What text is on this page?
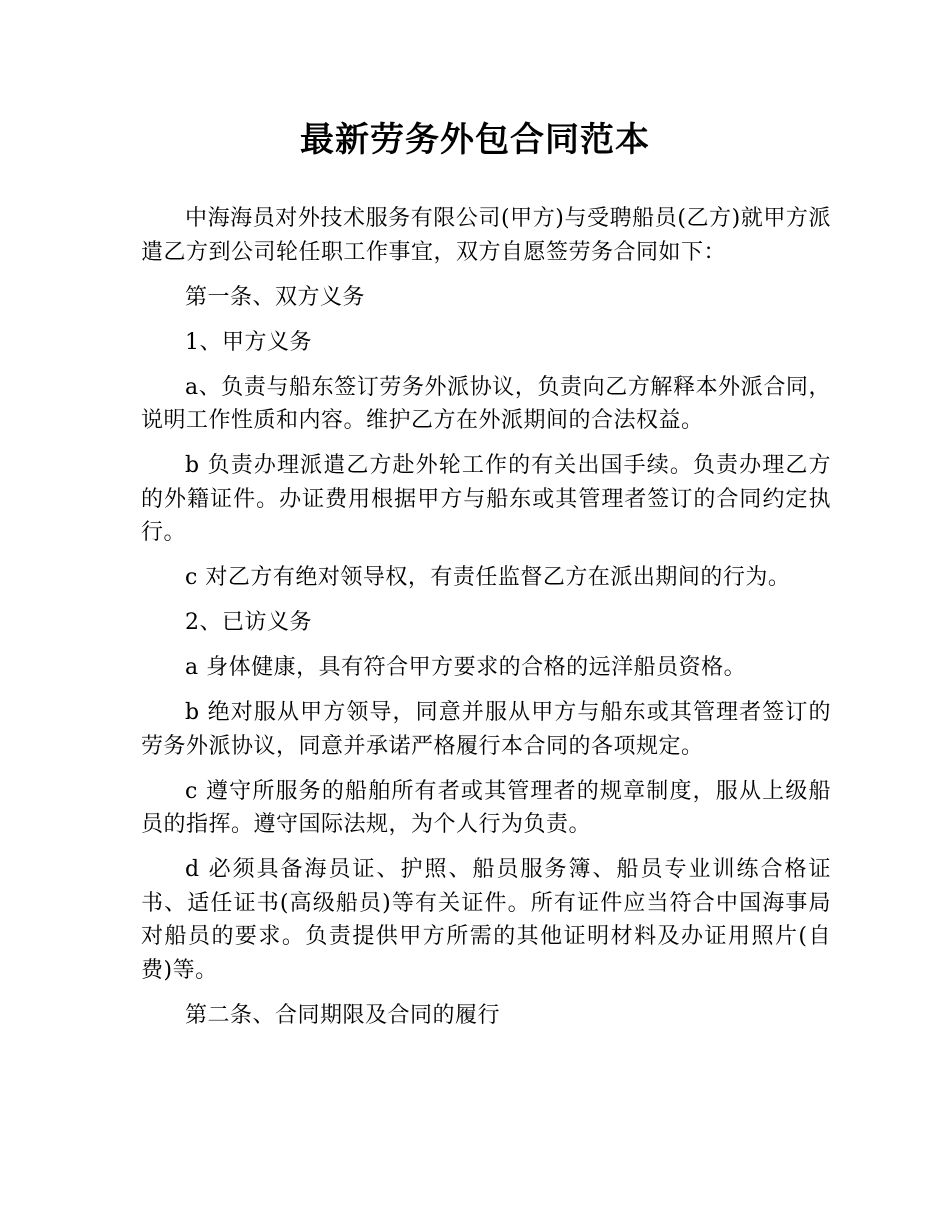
最新劳务外包合同范本

中海海员对外技术服务有限公司(甲方)与受聘船员(乙方)就甲方派遣乙方到公司轮任职工作事宜，双方自愿签劳务合同如下：

第一条、双方义务

1、甲方义务

a、负责与船东签订劳务外派协议，负责向乙方解释本外派合同，说明工作性质和内容。维护乙方在外派期间的合法权益。

b 负责办理派遣乙方赴外轮工作的有关出国手续。负责办理乙方的外籍证件。办证费用根据甲方与船东或其管理者签订的合同约定执行。

c 对乙方有绝对领导权，有责任监督乙方在派出期间的行为。

2、已访义务

a 身体健康，具有符合甲方要求的合格的远洋船员资格。

b 绝对服从甲方领导，同意并服从甲方与船东或其管理者签订的劳务外派协议，同意并承诺严格履行本合同的各项规定。

c 遵守所服务的船舶所有者或其管理者的规章制度，服从上级船员的指挥。遵守国际法规，为个人行为负责。

d 必须具备海员证、护照、船员服务簿、船员专业训练合格证书、适任证书(高级船员)等有关证件。所有证件应当符合中国海事局对船员的要求。负责提供甲方所需的其他证明材料及办证用照片(自费)等。

第二条、合同期限及合同的履行
